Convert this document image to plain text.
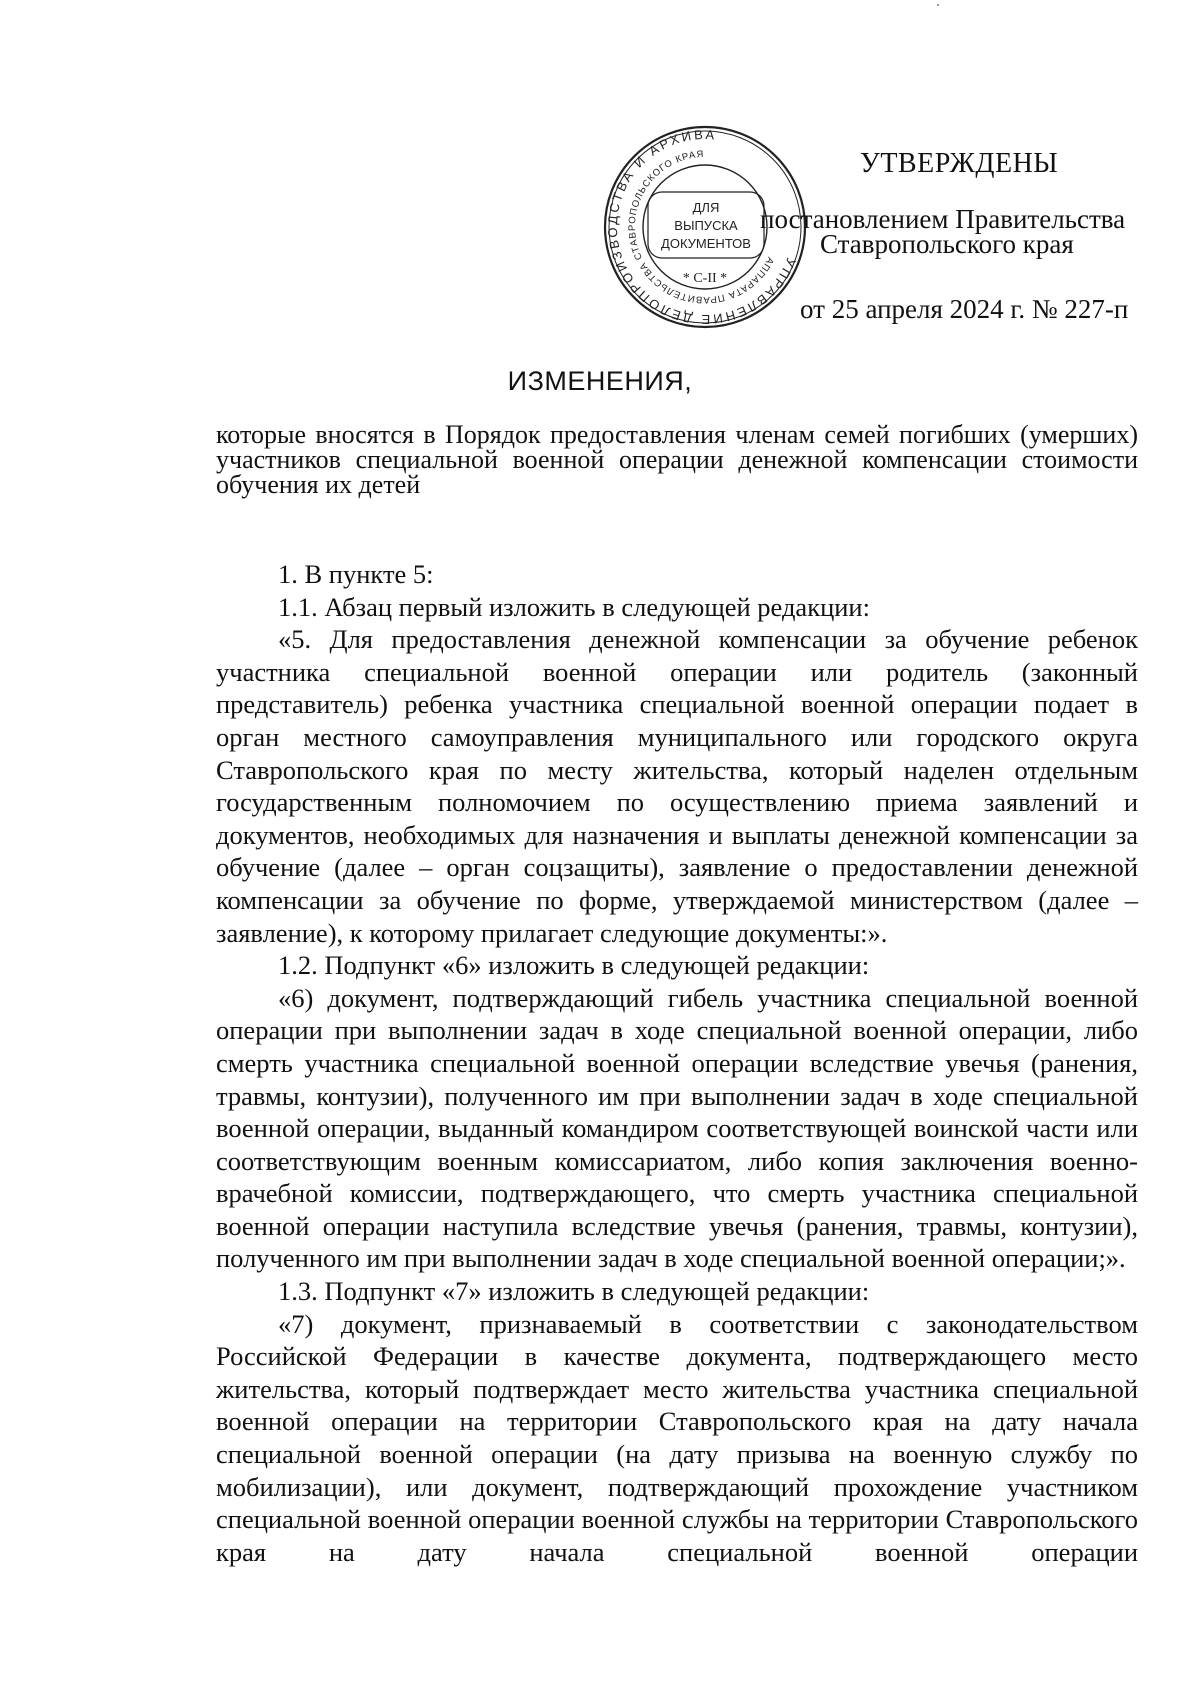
УПРАВЛЕНИЕ ДЕЛОПРОИЗВОДСТВА И АРХИВА
АППАРАТА ПРАВИТЕЛЬСТВА СТАВРОПОЛЬСКОГО КРАЯ
ДЛЯ
ВЫПУСКА
ДОКУМЕНТОВ
* С-II *
УТВЕРЖДЕНЫ
постановлением Правительства
Ставропольского края
от 25 апреля 2024 г. № 227-п
ИЗМЕНЕНИЯ,
которые вносятся в Порядок предоставления членам семей погибших (умерших) участников специальной военной операции денежной компенсации стоимости обучения их детей

1. В пункте 5:

1.1. Абзац первый изложить в следующей редакции:

«5. Для предоставления денежной компенсации за обучение ребенок участника специальной военной операции или родитель (законный представитель) ребенка участника специальной военной операции подает в орган местного самоуправления муниципального или городского округа Ставропольского края по месту жительства, который наделен отдельным государственным полномочием по осуществлению приема заявлений и документов, необходимых для назначения и выплаты денежной компенсации за обучение (далее – орган соцзащиты), заявление о предоставлении денежной компенсации за обучение по форме, утверждаемой министерством (далее – заявление), к которому прилагает следующие документы:».

1.2. Подпункт «6» изложить в следующей редакции:

«6) документ, подтверждающий гибель участника специальной военной операции при выполнении задач в ходе специальной военной операции, либо смерть участника специальной военной операции вследствие увечья (ранения, травмы, контузии), полученного им при выполнении задач в ходе специальной военной операции, выданный командиром соответствующей воинской части или соответствующим военным комиссариатом, либо копия заключения военно-врачебной комиссии, подтверждающего, что смерть участника специальной военной операции наступила вследствие увечья (ранения, травмы, контузии), полученного им при выполнении задач в ходе специальной военной операции;».

1.3. Подпункт «7» изложить в следующей редакции:

«7) документ, признаваемый в соответствии с законодательством Российской Федерации в качестве документа, подтверждающего место жительства, который подтверждает место жительства участника специальной военной операции на территории Ставропольского края на дату начала специальной военной операции (на дату призыва на военную службу по мобилизации), или документ, подтверждающий прохождение участником специальной военной операции военной службы на территории Ставропольского края на дату начала специальной военной операции
